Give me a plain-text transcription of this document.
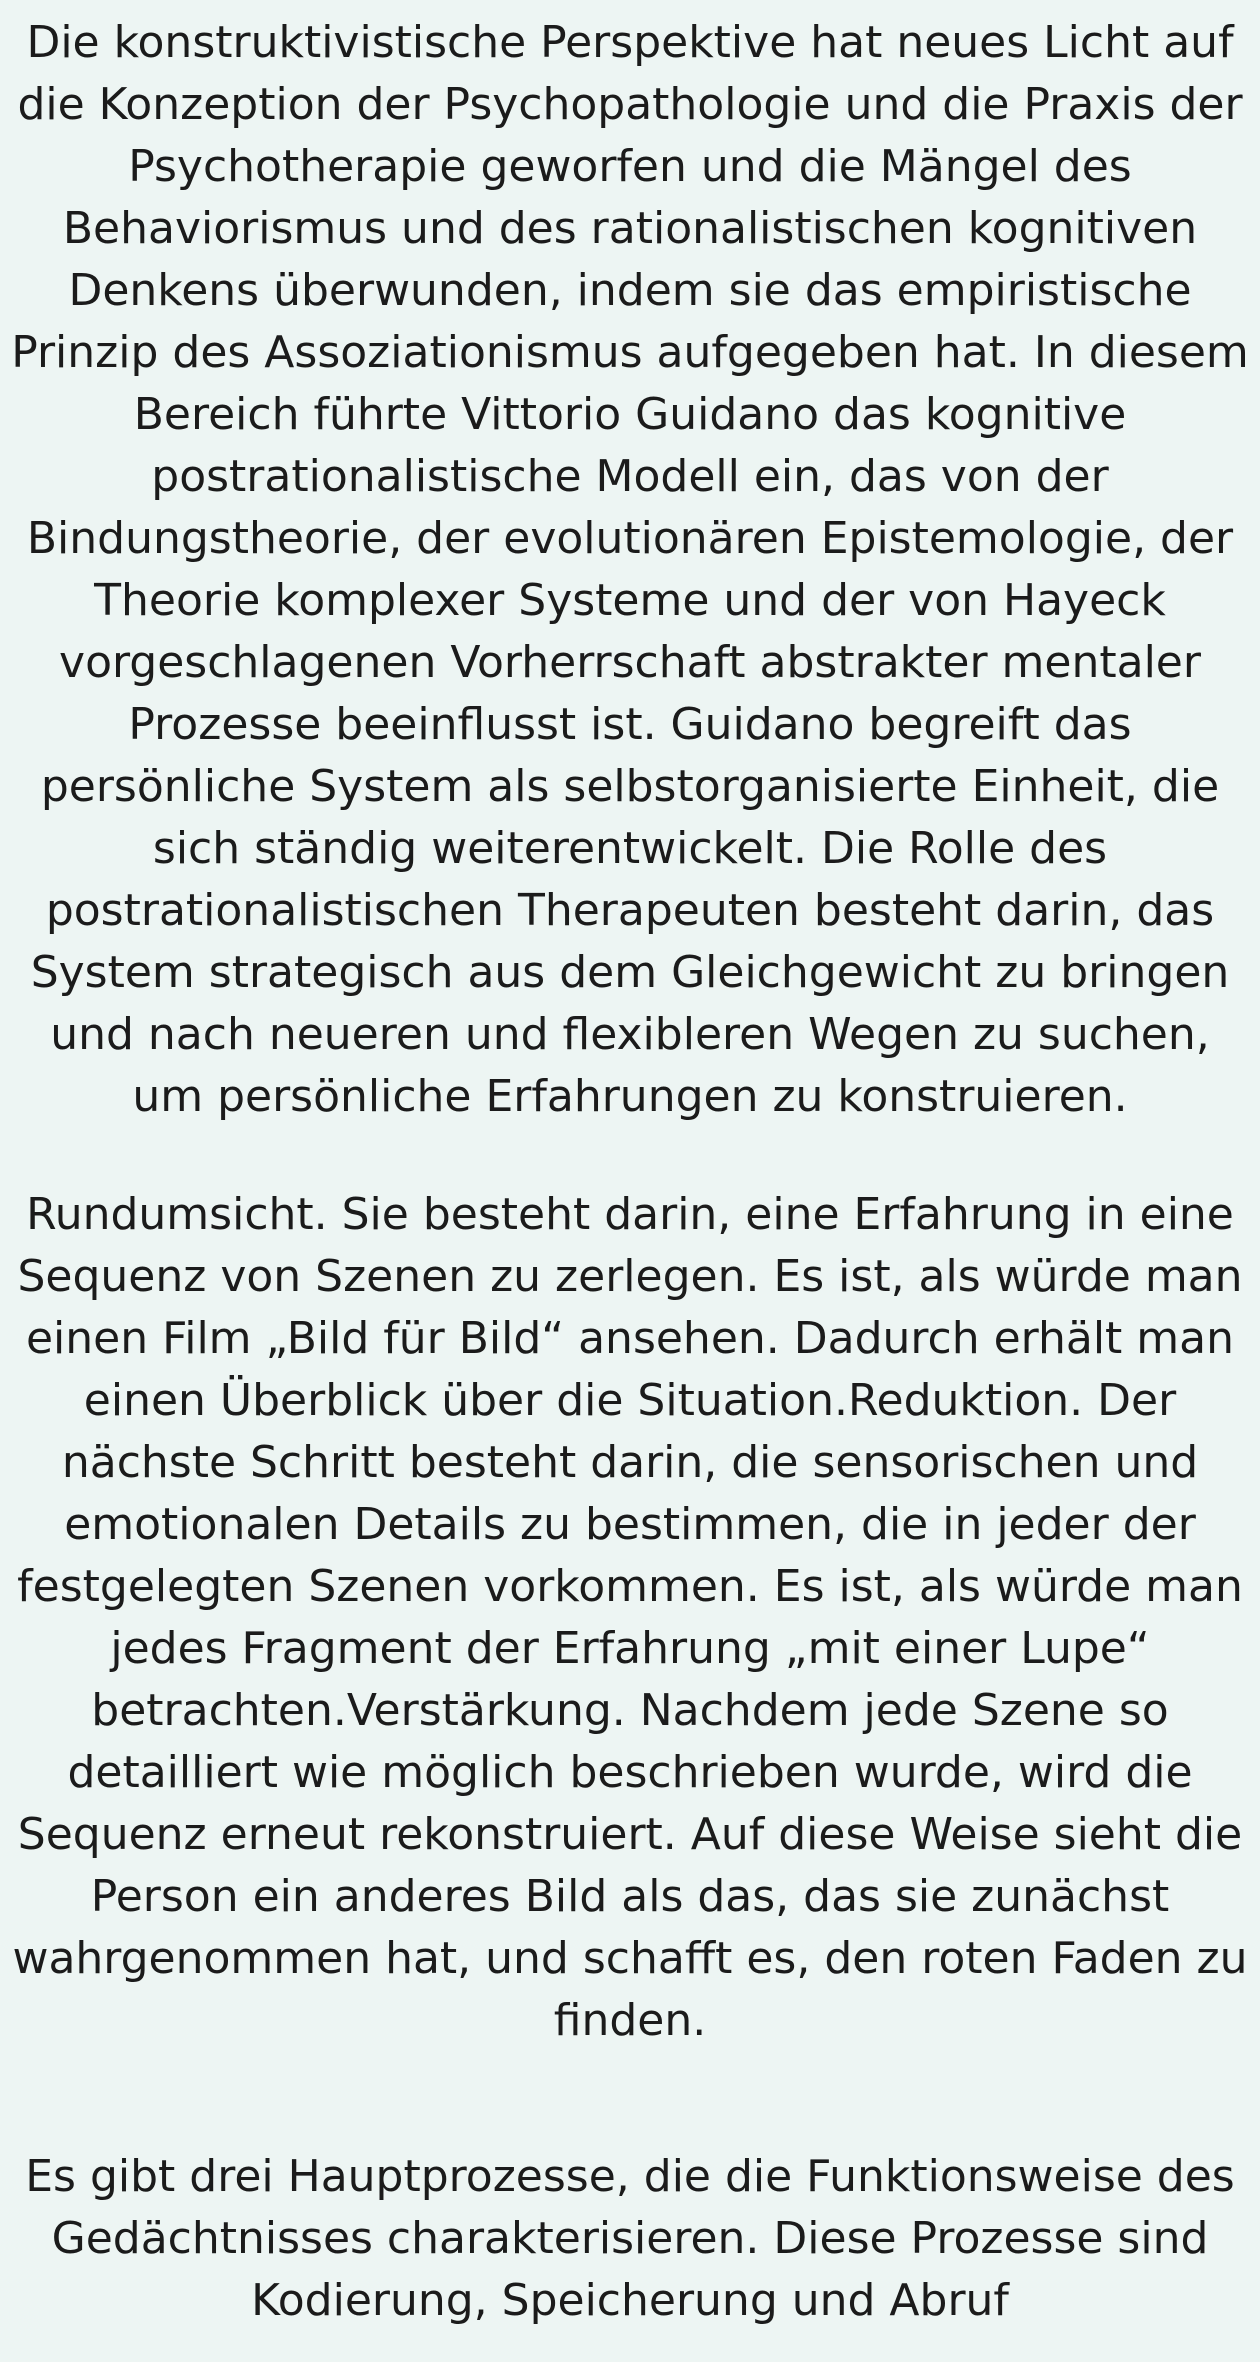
Die konstruktivistische Perspektive hat neues Licht auf die Konzeption der Psychopathologie und die Praxis der Psychotherapie geworfen und die Mängel des Behaviorismus und des rationalistischen kognitiven Denkens überwunden, indem sie das empiristische Prinzip des Assoziationismus aufgegeben hat. In diesem Bereich führte Vittorio Guidano das kognitive postrationalistische Modell ein, das von der Bindungstheorie, der evolutionären Epistemologie, der Theorie komplexer Systeme und der von Hayeck vorgeschlagenen Vorherrschaft abstrakter mentaler Prozesse beeinflusst ist. Guidano begreift das persönliche System als selbstorganisierte Einheit, die sich ständig weiterentwickelt. Die Rolle des postrationalistischen Therapeuten besteht darin, das System strategisch aus dem Gleichgewicht zu bringen und nach neueren und flexibleren Wegen zu suchen, um persönliche Erfahrungen zu konstruieren.

Rundumsicht. Sie besteht darin, eine Erfahrung in eine Sequenz von Szenen zu zerlegen. Es ist, als würde man einen Film „Bild für Bild“ ansehen. Dadurch erhält man einen Überblick über die Situation.Reduktion. Der nächste Schritt besteht darin, die sensorischen und emotionalen Details zu bestimmen, die in jeder der festgelegten Szenen vorkommen. Es ist, als würde man jedes Fragment der Erfahrung „mit einer Lupe“ betrachten.Verstärkung. Nachdem jede Szene so detailliert wie möglich beschrieben wurde, wird die Sequenz erneut rekonstruiert. Auf diese Weise sieht die Person ein anderes Bild als das, das sie zunächst wahrgenommen hat, und schafft es, den roten Faden zu finden.

Es gibt drei Hauptprozesse, die die Funktionsweise des Gedächtnisses charakterisieren. Diese Prozesse sind Kodierung, Speicherung und Abruf
